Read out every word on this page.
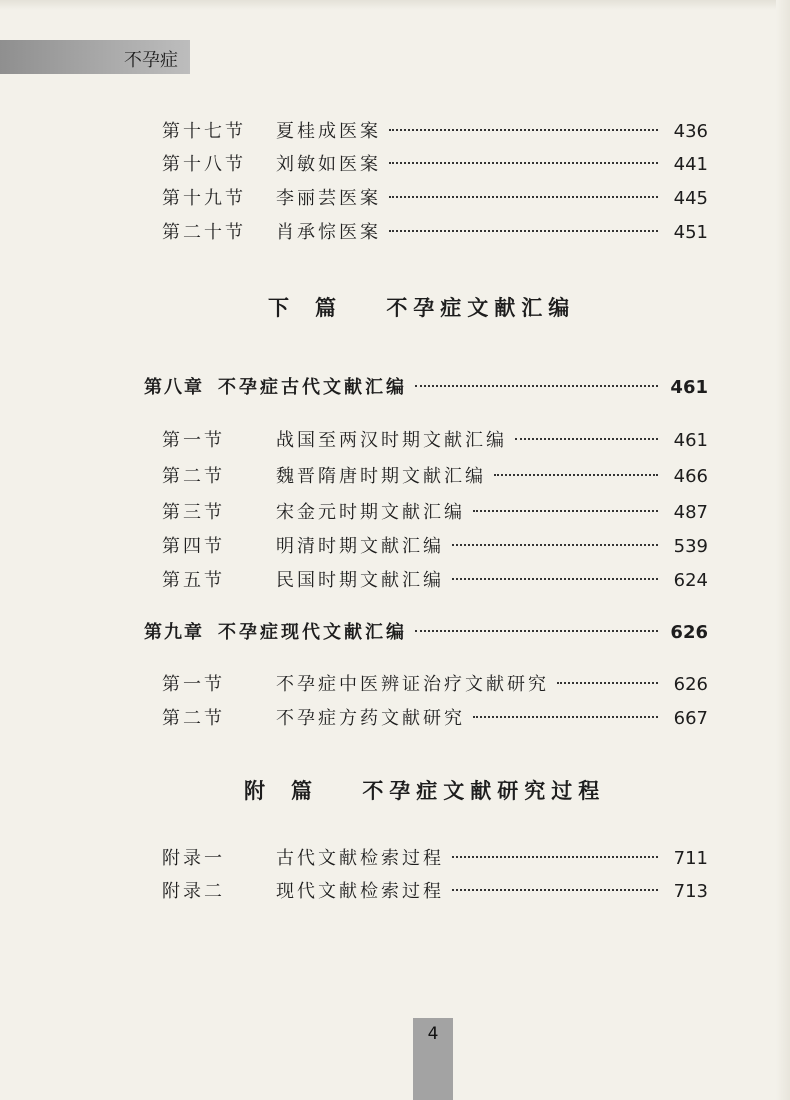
不孕症
第十七节	夏桂成医案	436
第十八节	刘敏如医案	441
第十九节	李丽芸医案	445
第二十节	肖承悰医案	451
下篇 不孕症文献汇编
第八章 不孕症古代文献汇编	461
第一节	战国至两汉时期文献汇编	461
第二节	魏晋隋唐时期文献汇编	466
第三节	宋金元时期文献汇编	487
第四节	明清时期文献汇编	539
第五节	民国时期文献汇编	624
第九章 不孕症现代文献汇编	626
第一节	不孕症中医辨证治疗文献研究	626
第二节	不孕症方药文献研究	667
附篇 不孕症文献研究过程
附录一	古代文献检索过程	711
附录二	现代文献检索过程	713
4
